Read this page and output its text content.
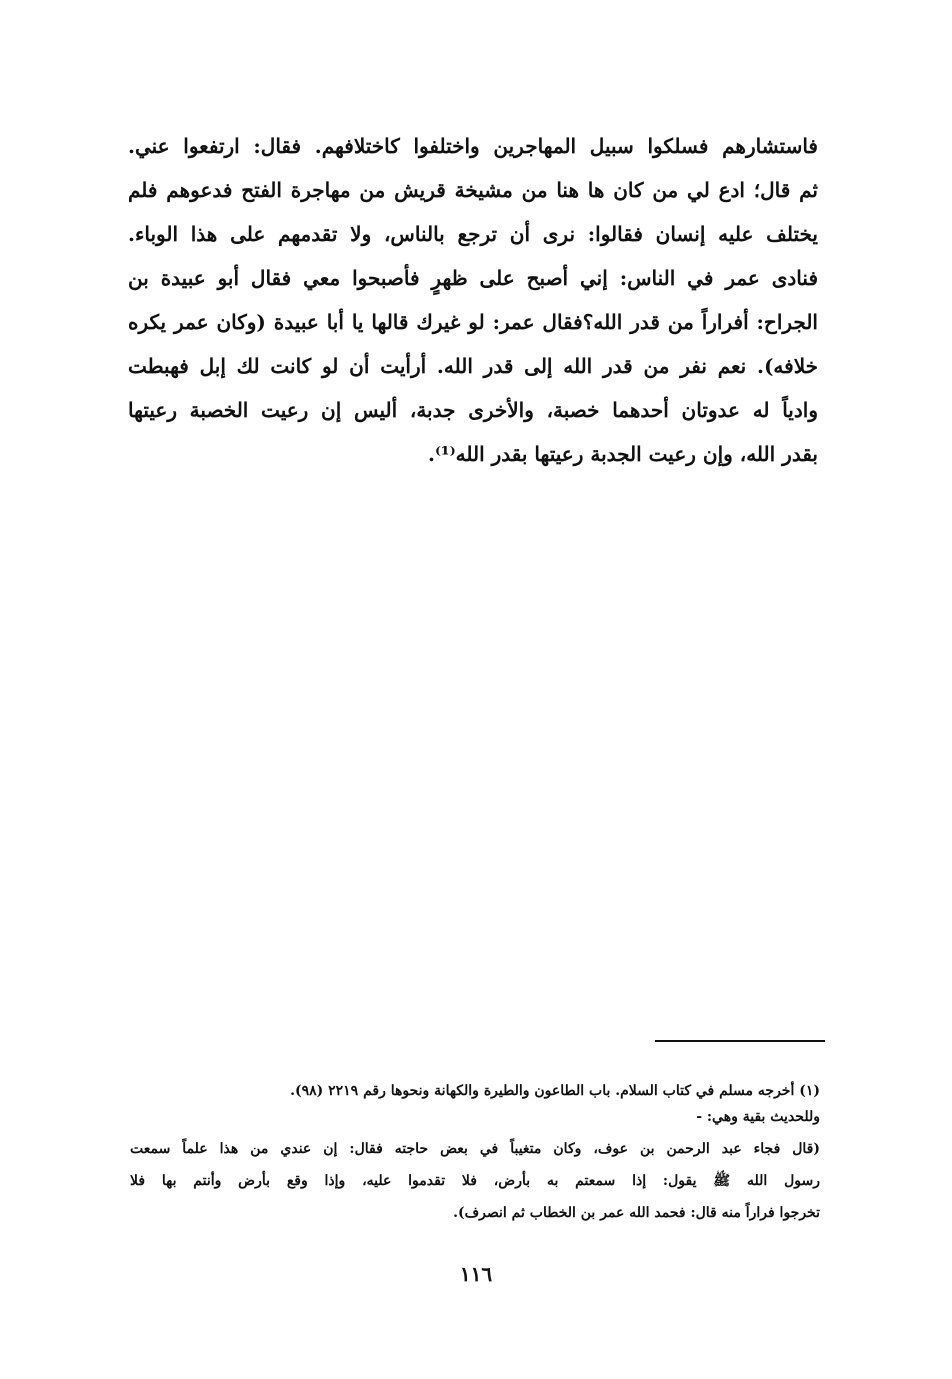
فاستشارهم فسلكوا سبيل المهاجرين واختلفوا كاختلافهم. فقال: ارتفعوا عني.
ثم قال؛ ادع لي من كان ها هنا من مشيخة قريش من مهاجرة الفتح فدعوهم فلم
يختلف عليه إنسان فقالوا: نرى أن ترجع بالناس، ولا تقدمهم على هذا الوباء.
فنادى عمر في الناس: إني أصبح على ظهرٍ فأصبحوا معي فقال أبو عبيدة بن
الجراح: أفراراً من قدر الله؟فقال عمر: لو غيرك قالها يا أبا عبيدة (وكان عمر يكره
خلافه). نعم نفر من قدر الله إلى قدر الله. أرأيت أن لو كانت لك إبل فهبطت
وادياً له عدوتان أحدهما خصبة، والأخرى جدبة، أليس إن رعيت الخصبة رعيتها
بقدر الله، وإن رعيت الجدبة رعيتها بقدر الله⁽¹⁾.
(١) أخرجه مسلم في كتاب السلام. باب الطاعون والطيرة والكهانة ونحوها رقم ٢٢١٩ (٩٨).
وللحديث بقية وهي: -
(قال فجاء عبد الرحمن بن عوف، وكان متغيباً في بعض حاجته فقال: إن عندي من هذا علماً سمعت
رسول الله ﷺ يقول: إذا سمعتم به بأرض، فلا تقدموا عليه، وإذا وقع بأرض وأنتم بها فلا
تخرجوا فراراً منه قال: فحمد الله عمر بن الخطاب ثم انصرف).
١١٦
